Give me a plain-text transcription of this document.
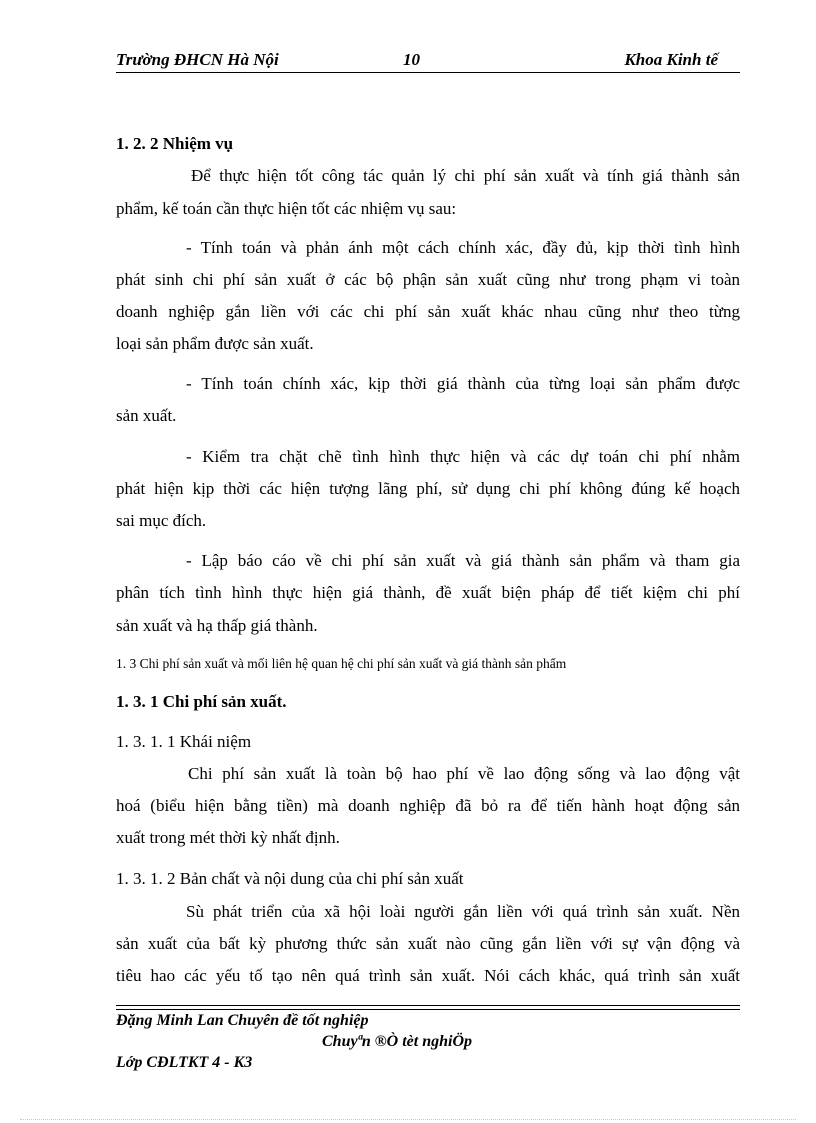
Trường ĐHCN Hà Nội	10	Khoa Kinh tế
1. 2. 2 Nhiệm vụ
Để thực hiện tốt công tác quản lý chi phí sản xuất và tính giá thành sản
phẩm, kế toán cần thực hiện tốt các nhiệm vụ sau:
- Tính toán và phản ánh một cách chính xác, đầy đủ, kịp thời tình hình
phát sinh chi phí sản xuất ở các bộ phận sản xuất cũng như trong phạm vi toàn
doanh nghiệp gắn liền với các chi phí sản xuất khác nhau cũng như theo từng
loại sản phẩm được sản xuất.
- Tính toán chính xác, kịp thời giá thành của từng loại sản phẩm được
sản xuất.
- Kiểm tra chặt chẽ tình hình thực hiện và các dự toán chi phí nhằm
phát hiện kịp thời các hiện tượng lãng phí, sử dụng chi phí không đúng kế hoạch
sai mục đích.
- Lập báo cáo về chi phí sản xuất và giá thành sản phẩm và tham gia
phân tích tình hình thực hiện giá thành, đề xuất biện pháp để tiết kiệm chi phí
sản xuất và hạ thấp giá thành.
1. 3 Chi phí sản xuất và mối liên hệ quan hệ chi phí sản xuất và giá thành sản phẩm
1. 3. 1 Chi phí sản xuất.
1. 3. 1. 1 Khái niệm
Chi phí sản xuất là toàn bộ hao phí về lao động sống và lao động vật
hoá (biểu hiện bằng tiền) mà doanh nghiệp đã bỏ ra để tiến hành hoạt động sản
xuất trong mét thời kỳ nhất định.
1. 3. 1. 2 Bản chất và nội dung của chi phí sản xuất
Sù phát triển của xã hội loài người gắn liền với quá trình sản xuất. Nền
sản xuất của bất kỳ phương thức sản xuất nào cũng gắn liền với sự vận động và
tiêu hao các yếu tố tạo nên quá trình sản xuất. Nói cách khác, quá trình sản xuất
Đặng Minh Lan Chuyên đề tốt nghiệp
Chuyªn ®Ò tèt nghiÖp
Lớp CĐLTKT 4 - K3
